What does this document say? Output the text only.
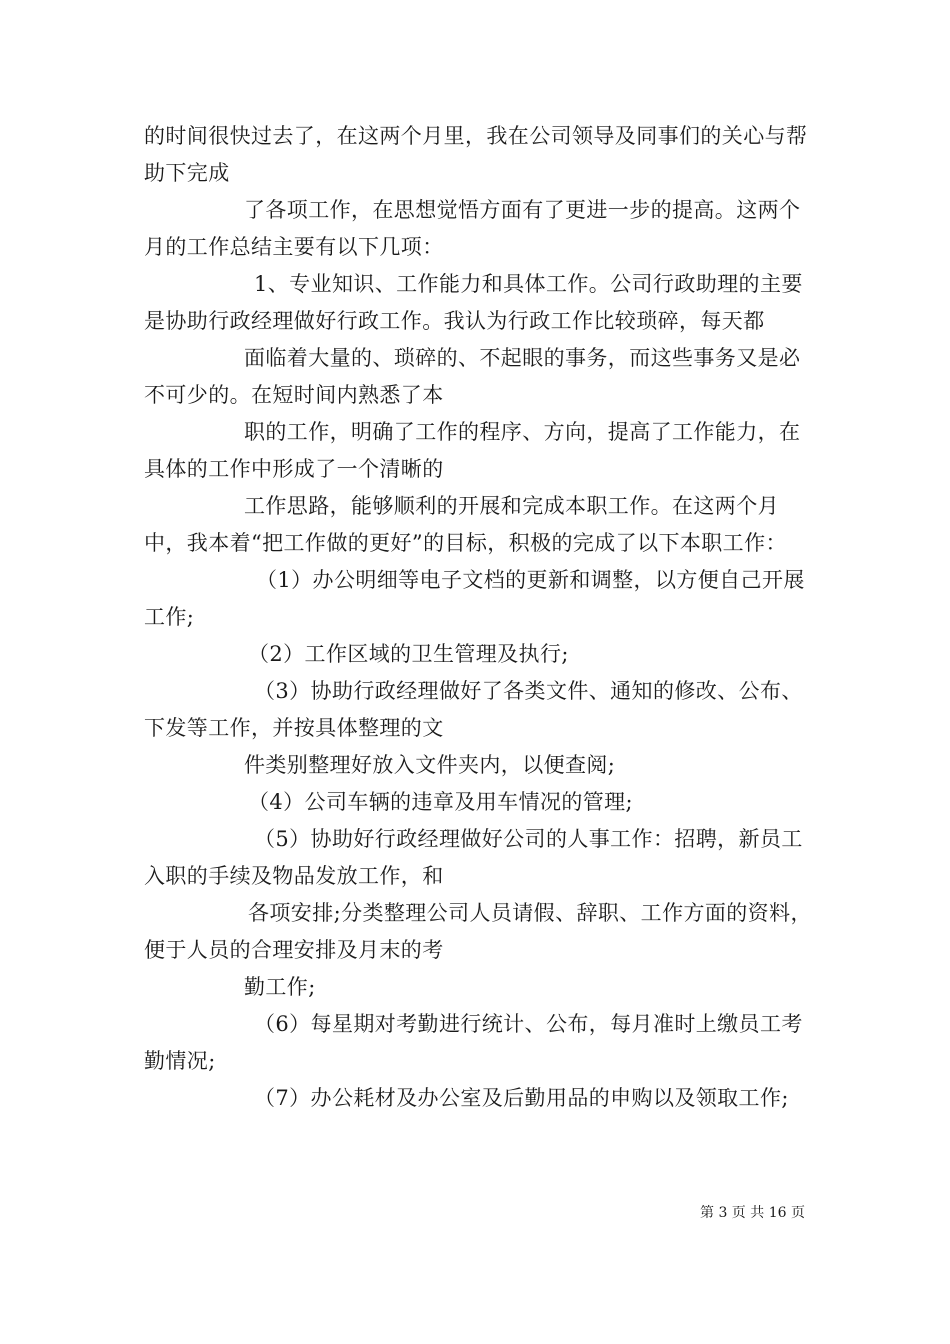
的时间很快过去了，在这两个月里，我在公司领导及同事们的关心与帮助下完成

了各项工作，在思想觉悟方面有了更进一步的提高。这两个月的工作总结主要有以下几项：

1、专业知识、工作能力和具体工作。公司行政助理的主要是协助行政经理做好行政工作。我认为行政工作比较琐碎，每天都

面临着大量的、琐碎的、不起眼的事务，而这些事务又是必不可少的。在短时间内熟悉了本

职的工作，明确了工作的程序、方向，提高了工作能力，在具体的工作中形成了一个清晰的

工作思路，能够顺利的开展和完成本职工作。在这两个月中，我本着“把工作做的更好”的目标，积极的完成了以下本职工作：

（1）办公明细等电子文档的更新和调整，以方便自己开展工作;

（2）工作区域的卫生管理及执行;

（3）协助行政经理做好了各类文件、通知的修改、公布、下发等工作，并按具体整理的文

件类别整理好放入文件夹内，以便查阅;

（4）公司车辆的违章及用车情况的管理;

（5）协助好行政经理做好公司的人事工作：招聘，新员工入职的手续及物品发放工作，和

各项安排;分类整理公司人员请假、辞职、工作方面的资料，便于人员的合理安排及月末的考

勤工作;

（6）每星期对考勤进行统计、公布，每月准时上缴员工考勤情况;

（7）办公耗材及办公室及后勤用品的申购以及领取工作;

第 3 页 共 16 页
